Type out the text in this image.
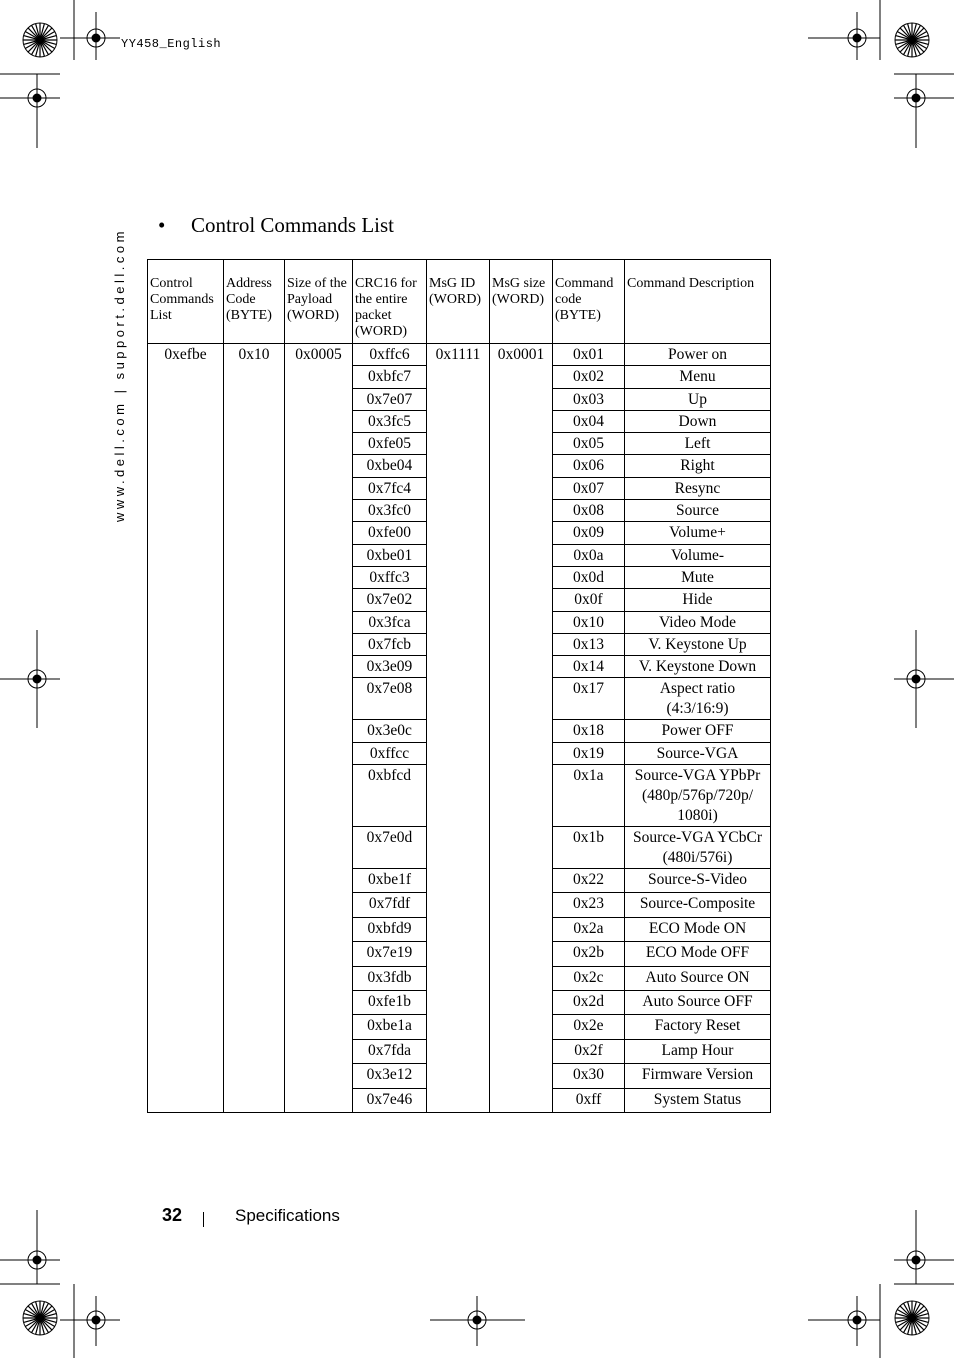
YY458_English
www.dell.com | support.dell.com
• Control Commands List
Control Commands List	Address Code (BYTE)	Size of the Payload (WORD)	CRC16 for the entire packet (WORD)	MsG ID (WORD)	MsG size (WORD)	Command code (BYTE)	Command Description
0xefbe	0x10	0x0005	0xffc6	0x1111	0x0001	0x01	Power on
			0xbfc7			0x02	Menu
			0x7e07			0x03	Up
			0x3fc5			0x04	Down
			0xfe05			0x05	Left
			0xbe04			0x06	Right
			0x7fc4			0x07	Resync
			0x3fc0			0x08	Source
			0xfe00			0x09	Volume+
			0xbe01			0x0a	Volume-
			0xffc3			0x0d	Mute
			0x7e02			0x0f	Hide
			0x3fca			0x10	Video Mode
			0x7fcb			0x13	V. Keystone Up
			0x3e09			0x14	V. Keystone Down
			0x7e08			0x17	Aspect ratio (4:3/16:9)
			0x3e0c			0x18	Power OFF
			0xffcc			0x19	Source-VGA
			0xbfcd			0x1a	Source-VGA YPbPr (480p/576p/720p/ 1080i)
			0x7e0d			0x1b	Source-VGA YCbCr (480i/576i)
			0xbe1f			0x22	Source-S-Video
			0x7fdf			0x23	Source-Composite
			0xbfd9			0x2a	ECO Mode ON
			0x7e19			0x2b	ECO Mode OFF
			0x3fdb			0x2c	Auto Source ON
			0xfe1b			0x2d	Auto Source OFF
			0xbe1a			0x2e	Factory Reset
			0x7fda			0x2f	Lamp Hour
			0x3e12			0x30	Firmware Version
			0x7e46			0xff	System Status
32	Specifications
